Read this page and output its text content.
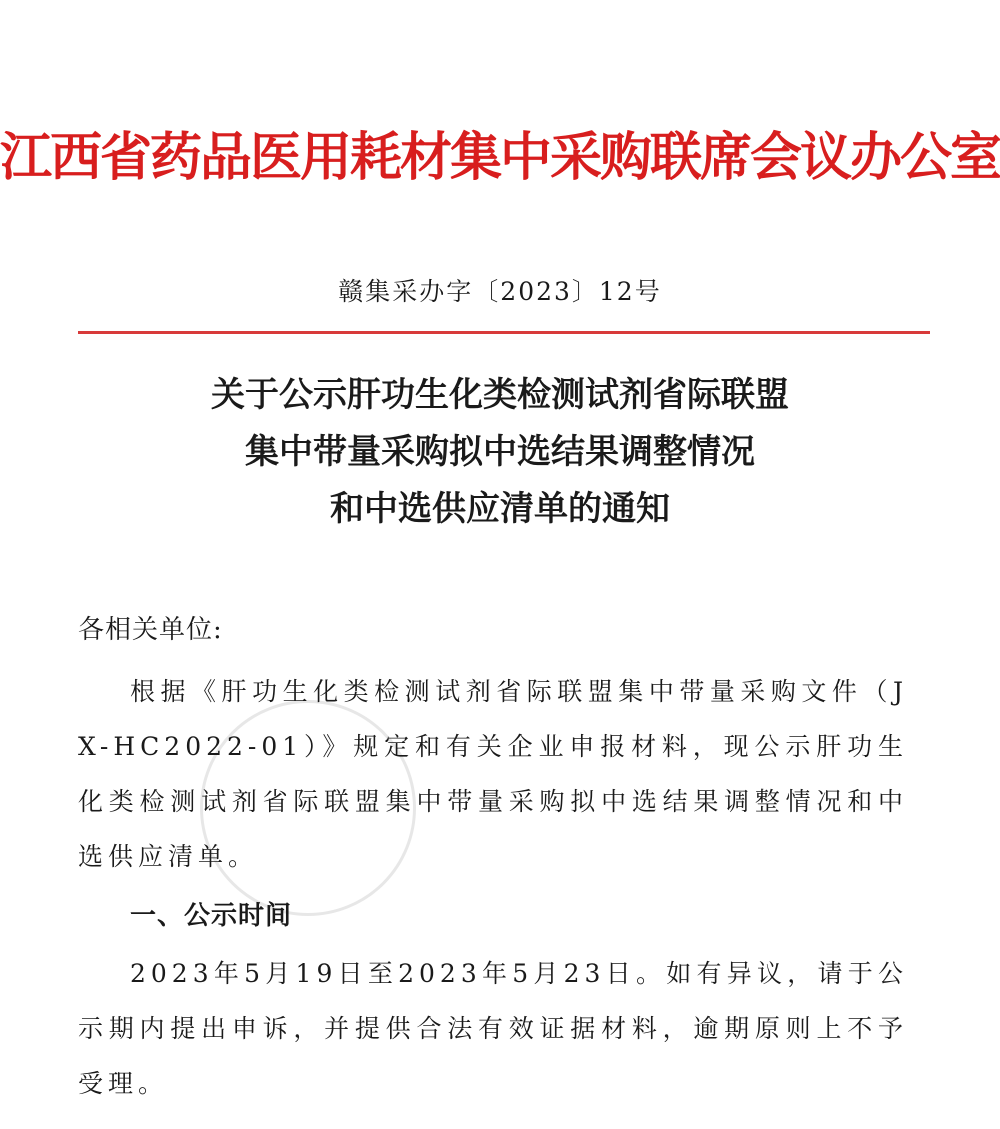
江西省药品医用耗材集中采购联席会议办公室
赣集采办字〔2023〕12号
关于公示肝功生化类检测试剂省际联盟
集中带量采购拟中选结果调整情况
和中选供应清单的通知
各相关单位:
根据《肝功生化类检测试剂省际联盟集中带量采购文件（JX-HC2022-01）》规定和有关企业申报材料，现公示肝功生化类检测试剂省际联盟集中带量采购拟中选结果调整情况和中选供应清单。
一、公示时间
2023年5月19日至2023年5月23日。如有异议，请于公示期内提出申诉，并提供合法有效证据材料，逾期原则上不予受理。
